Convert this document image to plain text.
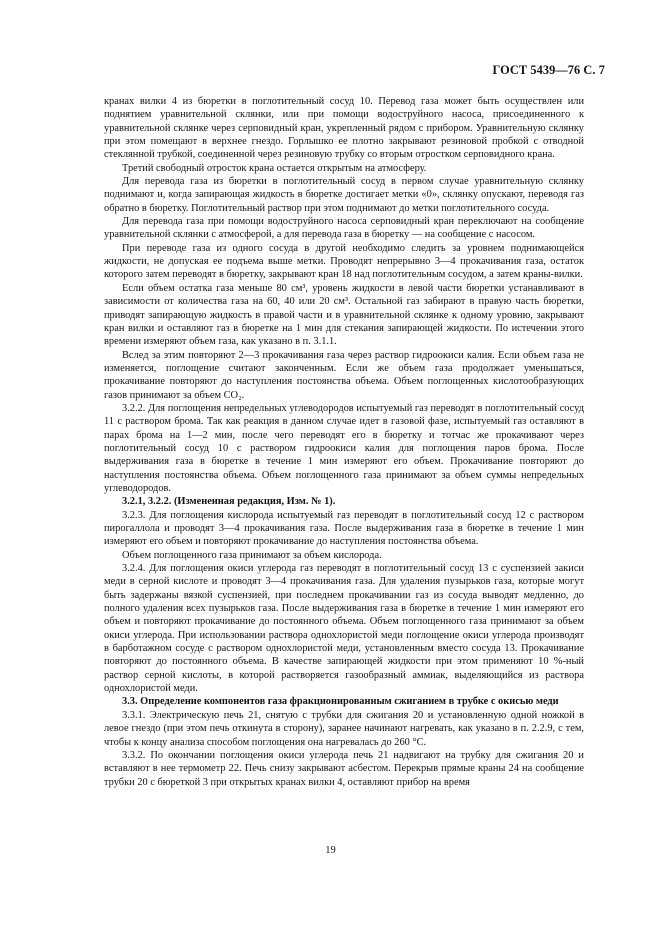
ГОСТ 5439—76 С. 7

кранах вилки 4 из бюретки в поглотительный сосуд 10. Перевод газа может быть осуществлен или поднятием уравнительной склянки, или при помощи водоструйного насоса, присоединенного к уравнительной склянке через серповидный кран, укрепленный рядом с прибором. Уравнительную склянку при этом помещают в верхнее гнездо. Горлышко ее плотно закрывают резиновой пробкой с отводной стеклянной трубкой, соединенной через резиновую трубку со вторым отростком серповидного крана.

Третий свободный отросток крана остается открытым на атмосферу.

Для перевода газа из бюретки в поглотительный сосуд в первом случае уравнительную склянку поднимают и, когда запирающая жидкость в бюретке достигает метки «0», склянку опускают, переводя газ обратно в бюретку. Поглотительный раствор при этом поднимают до метки поглотительного сосуда.

Для перевода газа при помощи водоструйного насоса серповидный кран переключают на сообщение уравнительной склянки с атмосферой, а для перевода газа в бюретку — на сообщение с насосом.

При переводе газа из одного сосуда в другой необходимо следить за уровнем поднимающейся жидкости, не допуская ее подъема выше метки. Проводят непрерывно 3—4 прокачивания газа, остаток которого затем переводят в бюретку, закрывают кран 18 над поглотительным сосудом, а затем краны-вилки.

Если объем остатка газа меньше 80 см³, уровень жидкости в левой части бюретки устанавливают в зависимости от количества газа на 60, 40 или 20 см³. Остальной газ забирают в правую часть бюретки, приводят запирающую жидкость в правой части и в уравнительной склянке к одному уровню, закрывают кран вилки и оставляют газ в бюретке на 1 мин для стекания запирающей жидкости. По истечении этого времени измеряют объем газа, как указано в п. 3.1.1.

Вслед за этим повторяют 2—3 прокачивания газа через раствор гидроокиси калия. Если объем газа не изменяется, поглощение считают законченным. Если же объем газа продолжает уменьшаться, прокачивание повторяют до наступления постоянства объема. Объем поглощенных кислотообразующих газов принимают за объем CO₂.

3.2.2. Для поглощения непредельных углеводородов испытуемый газ переводят в поглотительный сосуд 11 с раствором брома. Так как реакция в данном случае идет в газовой фазе, испытуемый газ оставляют в парах брома на 1—2 мин, после чего переводят его в бюретку и тотчас же прокачивают через поглотительный сосуд 10 с раствором гидроокиси калия для поглощения паров брома. После выдерживания газа в бюретке в течение 1 мин измеряют его объем. Прокачивание повторяют до наступления постоянства объема. Объем поглощенного газа принимают за объем суммы непредельных углеводородов.

3.2.1, 3.2.2. (Измененная редакция, Изм. № 1).

3.2.3. Для поглощения кислорода испытуемый газ переводят в поглотительный сосуд 12 с раствором пирогаллола и проводят 3—4 прокачивания газа. После выдерживания газа в бюретке в течение 1 мин измеряют его объем и повторяют прокачивание до наступления постоянства объема.

Объем поглощенного газа принимают за объем кислорода.

3.2.4. Для поглощения окиси углерода газ переводят в поглотительный сосуд 13 с суспензией закиси меди в серной кислоте и проводят 3—4 прокачивания газа. Для удаления пузырьков газа, которые могут быть задержаны вязкой суспензией, при последнем прокачивании газ из сосуда выводят медленно, до полного удаления всех пузырьков газа. После выдерживания газа в бюретке в течение 1 мин измеряют его объем и повторяют прокачивание до постоянного объема. Объем поглощенного газа принимают за объем окиси углерода. При использовании раствора однохлористой меди поглощение окиси углерода производят в барботажном сосуде с раствором однохлористой меди, установленным вместо сосуда 13. Прокачивание повторяют до постоянного объема. В качестве запирающей жидкости при этом применяют 10 %-ный раствор серной кислоты, в которой растворяется газообразный аммиак, выделяющийся из раствора однохлористой меди.

3.3. Определение компонентов газа фракционированным сжиганием в трубке с окисью меди

3.3.1. Электрическую печь 21, снятую с трубки для сжигания 20 и установленную одной ножкой в левое гнездо (при этом печь откинута в сторону), заранее начинают нагревать, как указано в п. 2.2.9, с тем, чтобы к концу анализа способом поглощения она нагревалась до 260 °С.

3.3.2. По окончании поглощения окиси углерода печь 21 надвигают на трубку для сжигания 20 и вставляют в нее термометр 22. Печь снизу закрывают асбестом. Перекрыв прямые краны 24 на сообщение трубки 20 с бюреткой 3 при открытых кранах вилки 4, оставляют прибор на время

19
